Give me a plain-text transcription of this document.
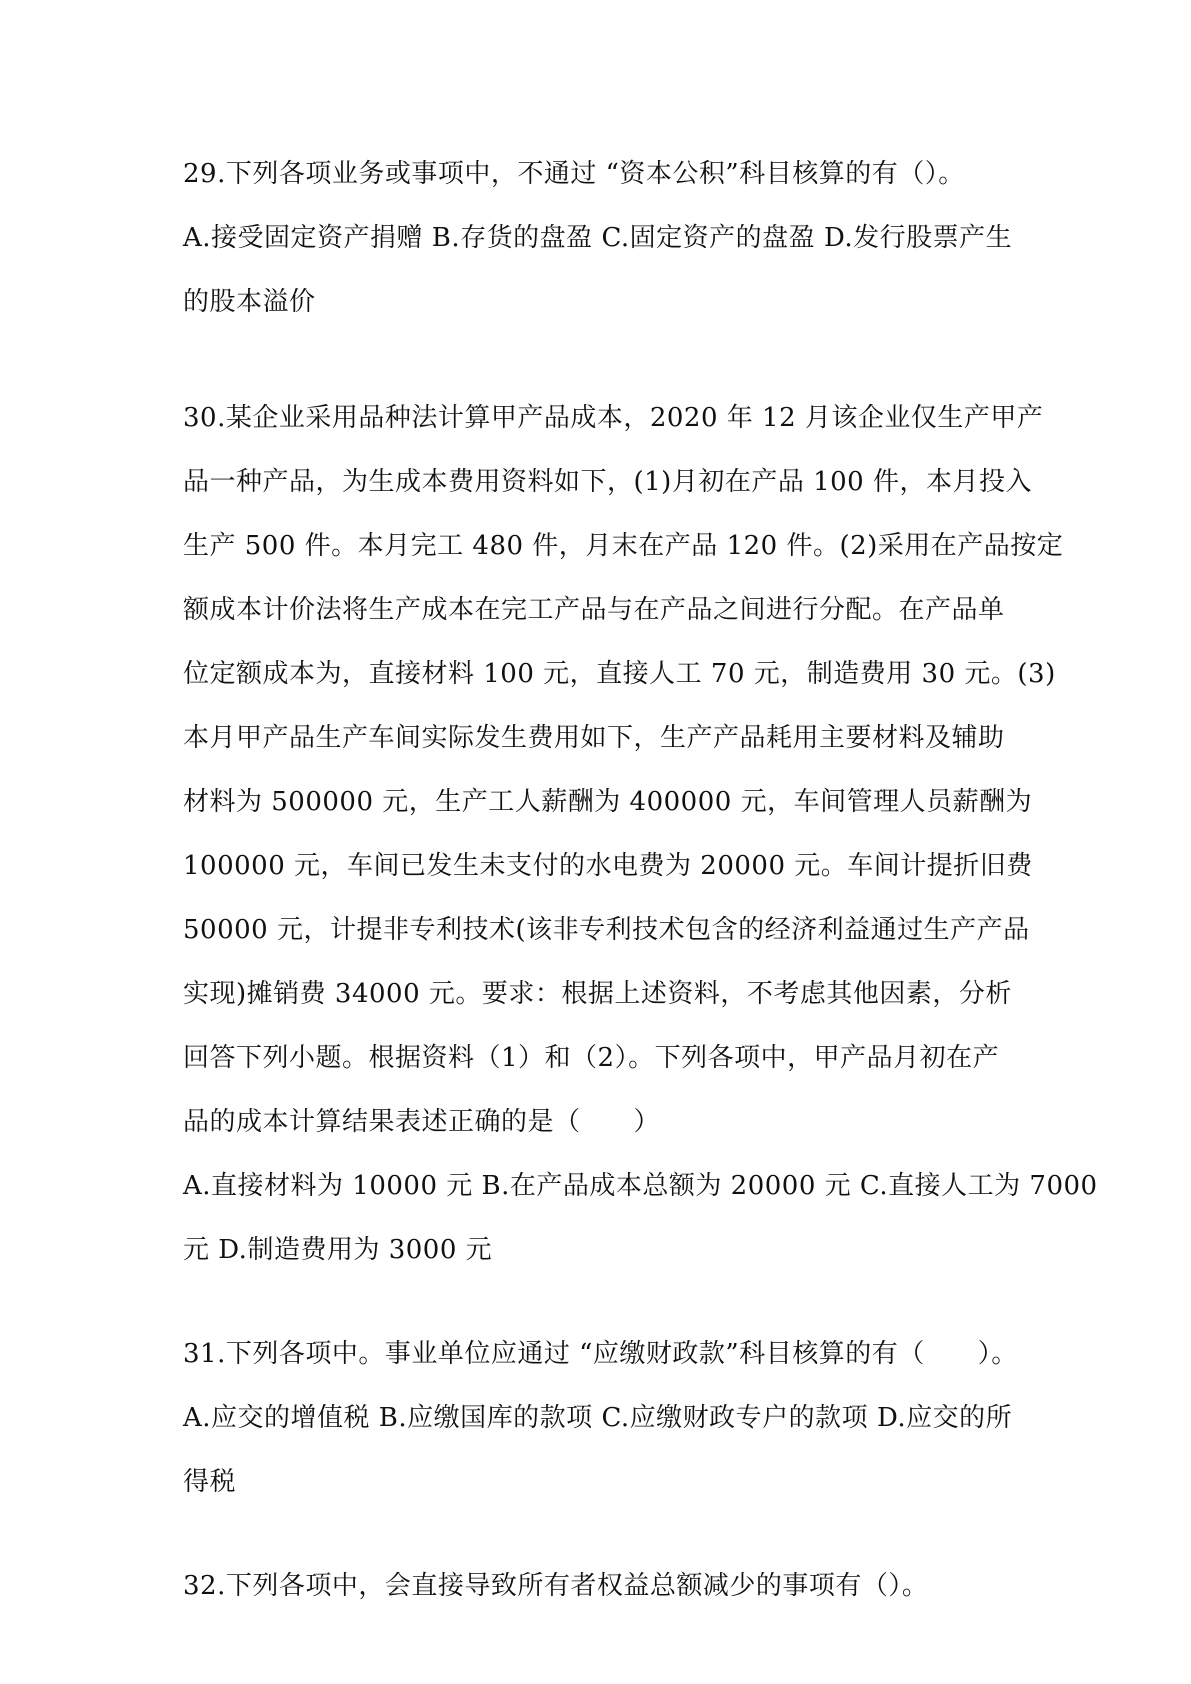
29.下列各项业务或事项中，不通过 “资本公积”科目核算的有（）。
A.接受固定资产捐赠 B.存货的盘盈 C.固定资产的盘盈 D.发行股票产生
的股本溢价
30.某企业采用品种法计算甲产品成本，2020 年 12 月该企业仅生产甲产
品一种产品，为生成本费用资料如下，(1)月初在产品 100 件，本月投入
生产 500 件。本月完工 480 件，月末在产品 120 件。(2)采用在产品按定
额成本计价法将生产成本在完工产品与在产品之间进行分配。在产品单
位定额成本为，直接材料 100 元，直接人工 70 元，制造费用 30 元。(3)
本月甲产品生产车间实际发生费用如下，生产产品耗用主要材料及辅助
材料为 500000 元，生产工人薪酬为 400000 元，车间管理人员薪酬为
100000 元，车间已发生未支付的水电费为 20000 元。车间计提折旧费
50000 元，计提非专利技术(该非专利技术包含的经济利益通过生产产品
实现)摊销费 34000 元。要求：根据上述资料，不考虑其他因素，分析
回答下列小题。根据资料（1）和（2）。下列各项中，甲产品月初在产
品的成本计算结果表述正确的是（　　）
A.直接材料为 10000 元 B.在产品成本总额为 20000 元 C.直接人工为 7000
元 D.制造费用为 3000 元
31.下列各项中。事业单位应通过 “应缴财政款”科目核算的有（　　）。
A.应交的增值税 B.应缴国库的款项 C.应缴财政专户的款项 D.应交的所
得税
32.下列各项中，会直接导致所有者权益总额减少的事项有（）。
